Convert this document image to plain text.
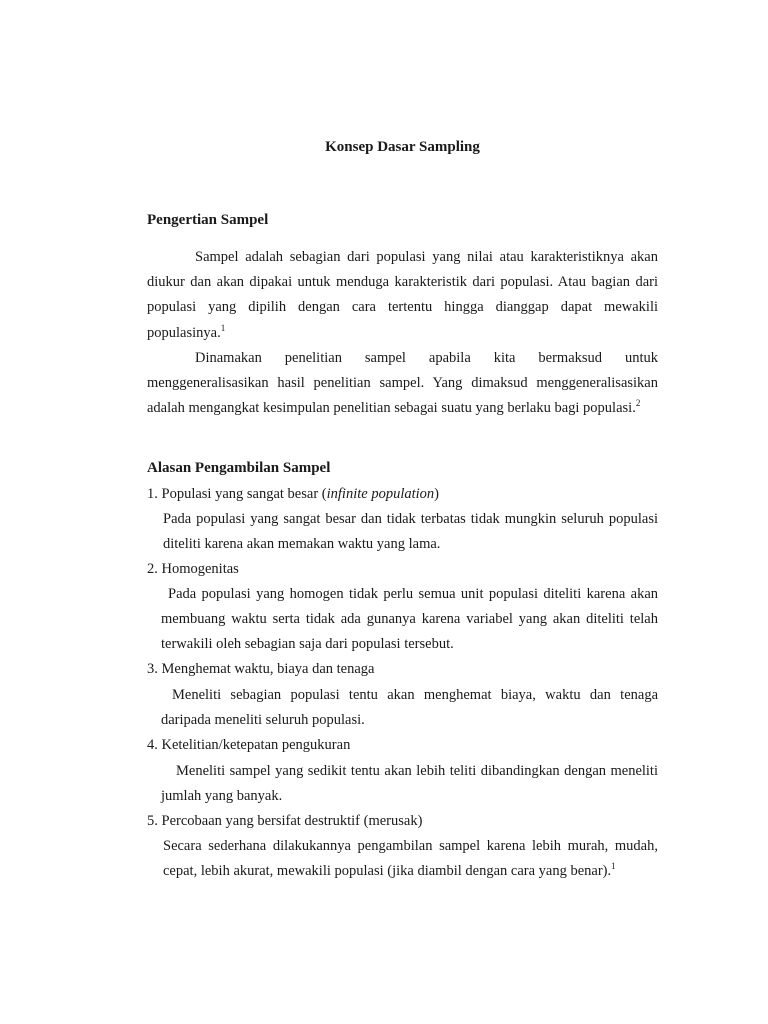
Konsep Dasar Sampling
Pengertian Sampel

Sampel adalah sebagian dari populasi yang nilai atau karakteristiknya akan diukur dan akan dipakai untuk menduga karakteristik dari populasi. Atau bagian dari populasi yang dipilih dengan cara tertentu hingga dianggap dapat mewakili populasinya.$^1$

Dinamakan penelitian sampel apabila kita bermaksud untuk menggeneralisasikan hasil penelitian sampel. Yang dimaksud menggeneralisasikan adalah mengangkat kesimpulan penelitian sebagai suatu yang berlaku bagi populasi.$^2$

Alasan Pengambilan Sampel

1. Populasi yang sangat besar (infinite population)

Pada populasi yang sangat besar dan tidak terbatas tidak mungkin seluruh populasi diteliti karena akan memakan waktu yang lama.

2. Homogenitas

Pada populasi yang homogen tidak perlu semua unit populasi diteliti karena akan membuang waktu serta tidak ada gunanya karena variabel yang akan diteliti telah terwakili oleh sebagian saja dari populasi tersebut.

3. Menghemat waktu, biaya dan tenaga

Meneliti sebagian populasi tentu akan menghemat biaya, waktu dan tenaga daripada meneliti seluruh populasi.

4. Ketelitian/ketepatan pengukuran

Meneliti sampel yang sedikit tentu akan lebih teliti dibandingkan dengan meneliti jumlah yang banyak.

5. Percobaan yang bersifat destruktif (merusak)

Secara sederhana dilakukannya pengambilan sampel karena lebih murah, mudah, cepat, lebih akurat, mewakili populasi (jika diambil dengan cara yang benar).$^1$
